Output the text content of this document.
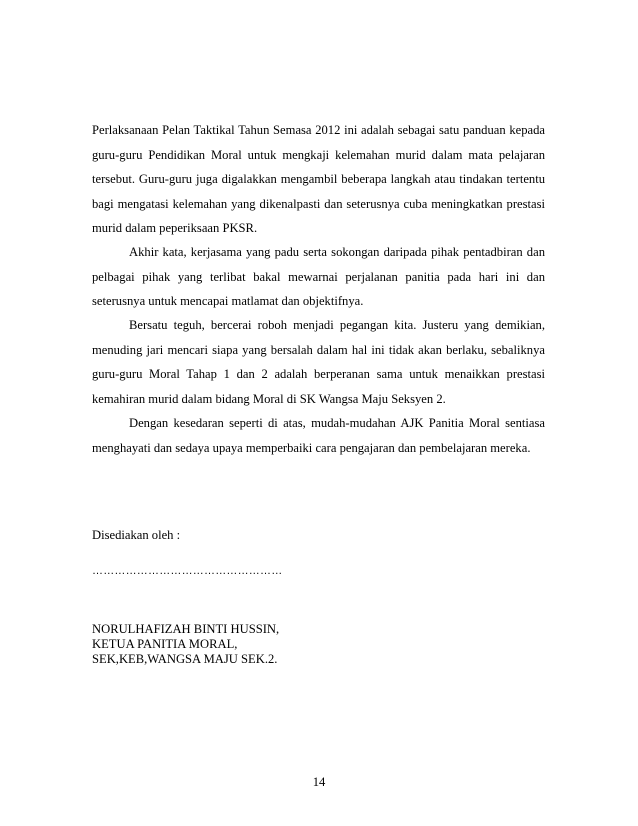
Perlaksanaan Pelan Taktikal Tahun Semasa 2012 ini adalah sebagai satu panduan kepada guru-guru Pendidikan Moral untuk mengkaji kelemahan murid dalam mata pelajaran tersebut. Guru-guru juga digalakkan mengambil beberapa langkah atau tindakan tertentu bagi mengatasi kelemahan yang dikenalpasti dan seterusnya cuba meningkatkan prestasi murid dalam peperiksaan PKSR.

Akhir kata, kerjasama yang padu serta sokongan daripada pihak pentadbiran dan pelbagai pihak yang terlibat bakal mewarnai perjalanan panitia pada hari ini dan seterusnya untuk mencapai matlamat dan objektifnya.

Bersatu teguh, bercerai roboh menjadi pegangan kita. Justeru yang demikian, menuding jari mencari siapa yang bersalah dalam hal ini tidak akan berlaku, sebaliknya guru-guru Moral Tahap 1 dan 2 adalah berperanan sama untuk menaikkan prestasi kemahiran murid dalam bidang Moral di SK Wangsa Maju Seksyen 2.

Dengan kesedaran seperti di atas, mudah-mudahan AJK Panitia Moral sentiasa menghayati dan sedaya upaya memperbaiki cara pengajaran dan pembelajaran mereka.

Disediakan oleh :

……………………………………………

NORULHAFIZAH BINTI HUSSIN,

KETUA PANITIA MORAL,

SEK,KEB,WANGSA MAJU SEK.2.

14
